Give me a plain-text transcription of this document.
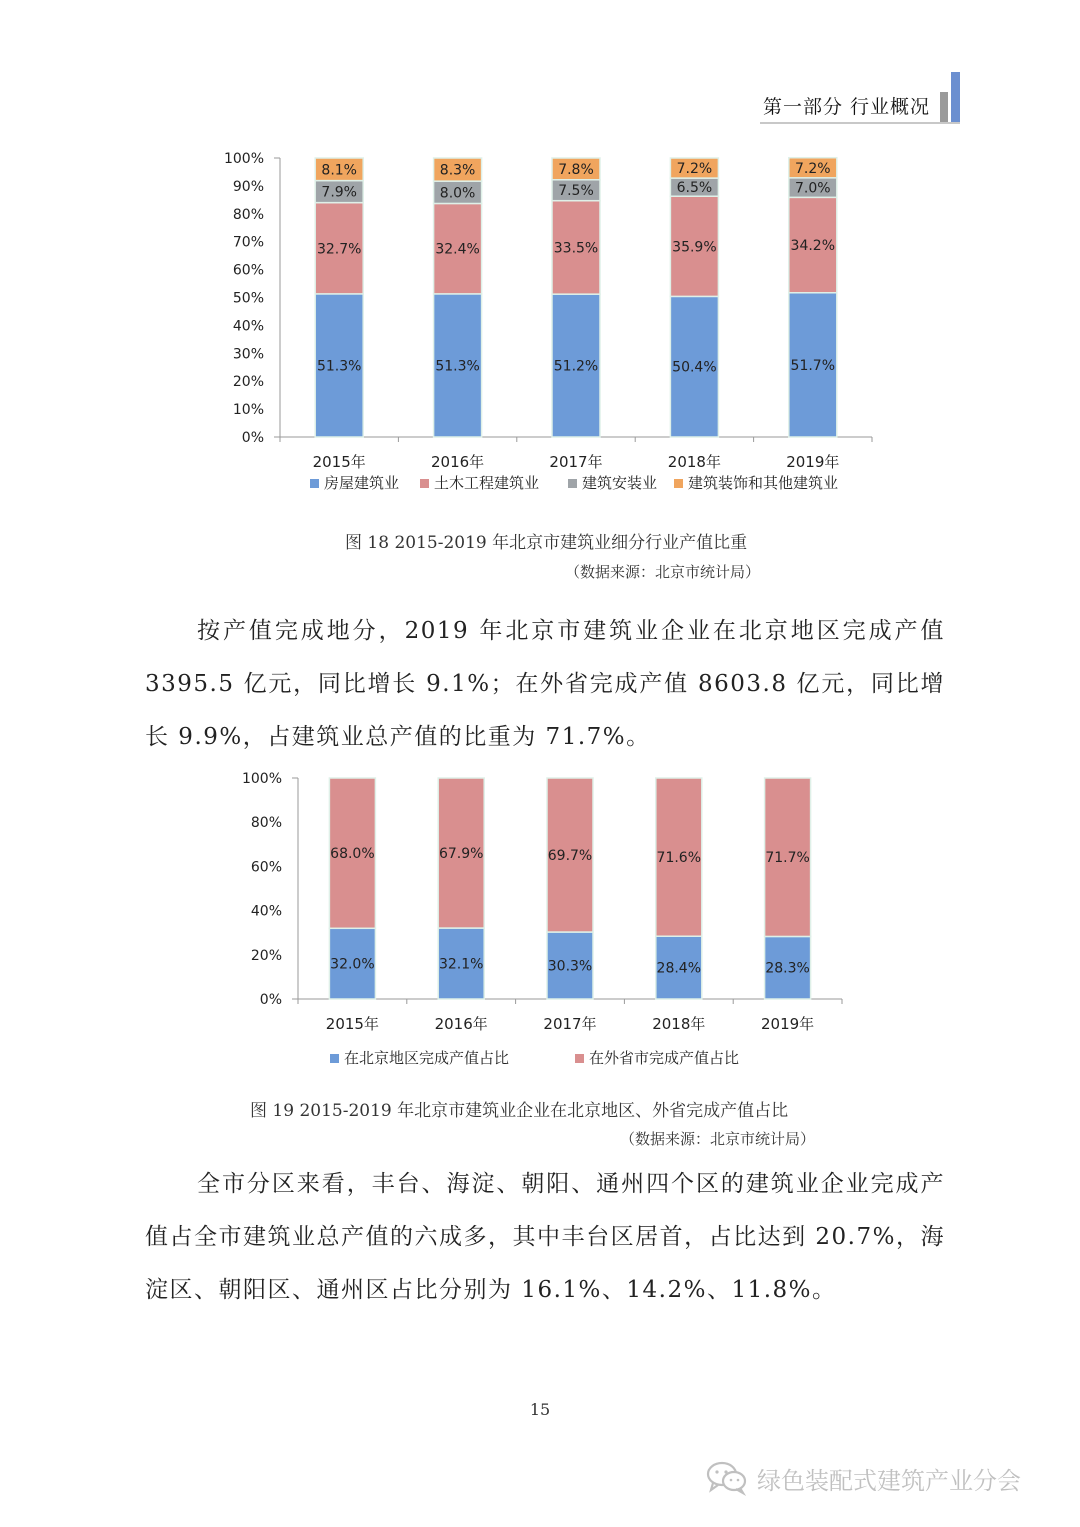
第一部分 行业概况
0%
10%
20%
30%
40%
50%
60%
70%
80%
90%
100%
51.3%
32.7%
7.9%
8.1%
2015年
51.3%
32.4%
8.0%
8.3%
2016年
51.2%
33.5%
7.5%
7.8%
2017年
50.4%
35.9%
6.5%
7.2%
2018年
51.7%
34.2%
7.0%
7.2%
2019年
房屋建筑业 土木工程建筑业	建筑安装业 建筑装饰和其他建筑业
图 18 2015-2019 年北京市建筑业细分行业产值比重
（数据来源：北京市统计局）

按产值完成地分，2019 年北京市建筑业企业在北京地区完成产值 3395.5 亿元，同比增长 9.1%；在外省完成产值 8603.8 亿元，同比增长 9.9%，占建筑业总产值的比重为 71.7%。

0%
20%
40%
60%
80%
100%
32.0%
68.0%
2015年
32.1%
67.9%
2016年
30.3%
69.7%
2017年
28.4%
71.6%
2018年
28.3%
71.7%
2019年
在北京地区完成产值占比	在外省市完成产值占比
图 19 2015-2019 年北京市建筑业企业在北京地区、外省完成产值占比
（数据来源：北京市统计局）

全市分区来看，丰台、海淀、朝阳、通州四个区的建筑业企业完成产值占全市建筑业总产值的六成多，其中丰台区居首，占比达到 20.7%，海淀区、朝阳区、通州区占比分别为 16.1%、14.2%、11.8%。

15
绿色装配式建筑产业分会
